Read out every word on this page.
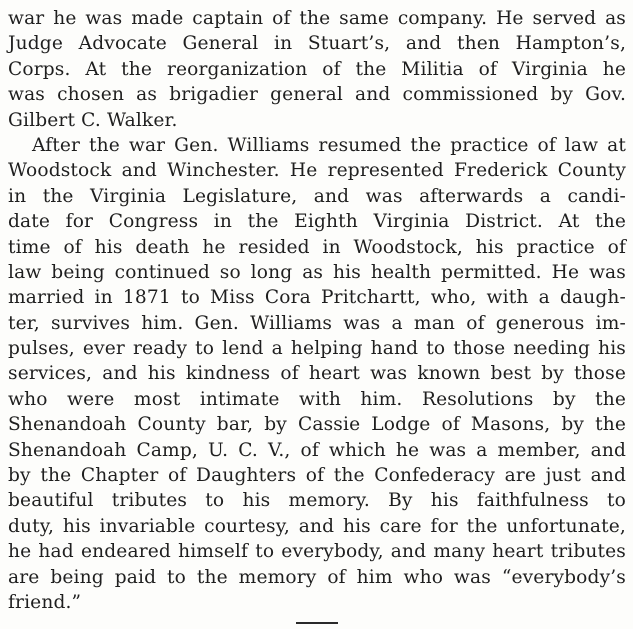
war he was made captain of the same company. He served as
Judge Advocate General in Stuart’s, and then Hampton’s,
Corps. At the reorganization of the Militia of Virginia he
was chosen as brigadier general and commissioned by Gov.
Gilbert C. Walker.
After the war Gen. Williams resumed the practice of law at
Woodstock and Winchester. He represented Frederick County
in the Virginia Legislature, and was afterwards a candi-
date for Congress in the Eighth Virginia District. At the
time of his death he resided in Woodstock, his practice of
law being continued so long as his health permitted. He was
married in 1871 to Miss Cora Pritchartt, who, with a daugh-
ter, survives him. Gen. Williams was a man of generous im-
pulses, ever ready to lend a helping hand to those needing his
services, and his kindness of heart was known best by those
who were most intimate with him. Resolutions by the
Shenandoah County bar, by Cassie Lodge of Masons, by the
Shenandoah Camp, U. C. V., of which he was a member, and
by the Chapter of Daughters of the Confederacy are just and
beautiful tributes to his memory. By his faithfulness to
duty, his invariable courtesy, and his care for the unfortunate,
he had endeared himself to everybody, and many heart tributes
are being paid to the memory of him who was “everybody’s
friend.”
